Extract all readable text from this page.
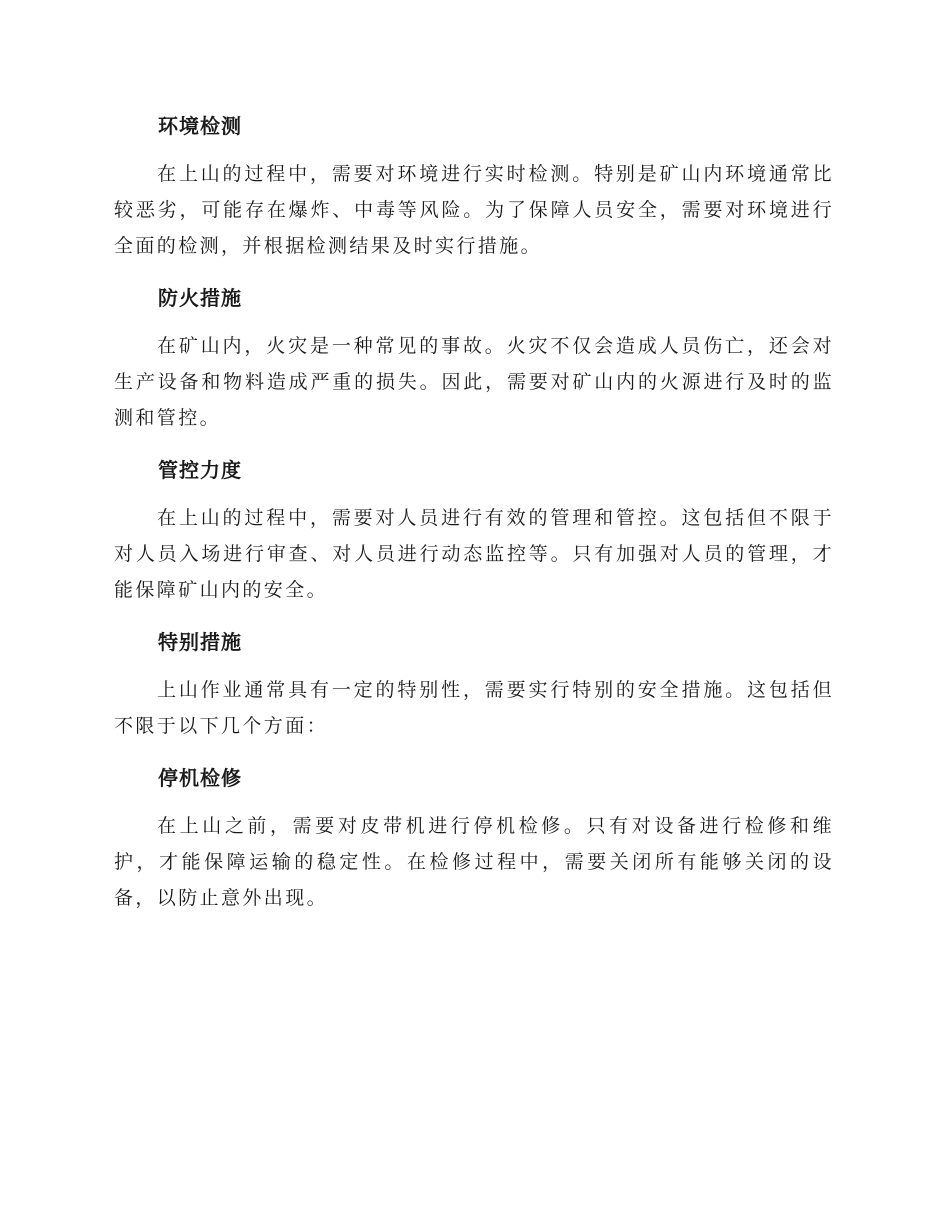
环境检测

在上山的过程中，需要对环境进行实时检测。特别是矿山内环境通常比较恶劣，可能存在爆炸、中毒等风险。为了保障人员安全，需要对环境进行全面的检测，并根据检测结果及时实行措施。

防火措施

在矿山内，火灾是一种常见的事故。火灾不仅会造成人员伤亡，还会对生产设备和物料造成严重的损失。因此，需要对矿山内的火源进行及时的监测和管控。

管控力度

在上山的过程中，需要对人员进行有效的管理和管控。这包括但不限于对人员入场进行审查、对人员进行动态监控等。只有加强对人员的管理，才能保障矿山内的安全。

特别措施

上山作业通常具有一定的特别性，需要实行特别的安全措施。这包括但不限于以下几个方面：

停机检修

在上山之前，需要对皮带机进行停机检修。只有对设备进行检修和维护，才能保障运输的稳定性。在检修过程中，需要关闭所有能够关闭的设备，以防止意外出现。
